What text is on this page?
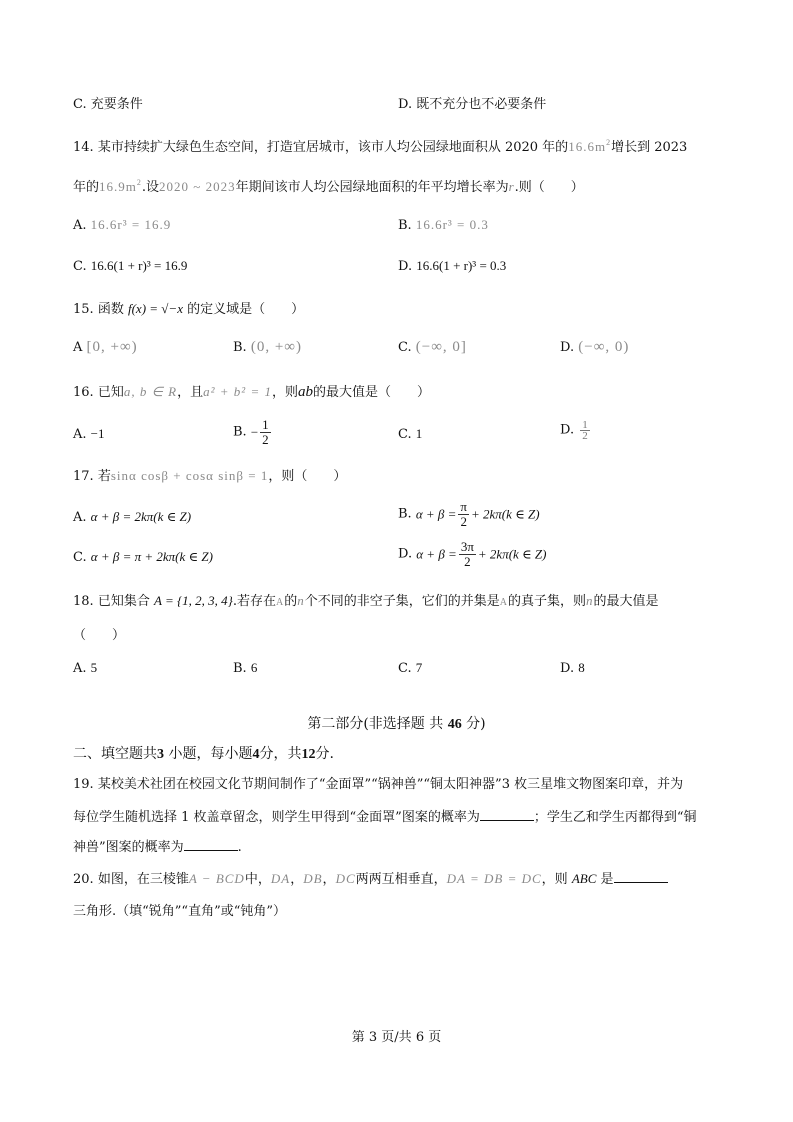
C. 充要条件	D. 既不充分也不必要条件
14. 某市持续扩大绿色生态空间，打造宜居城市，该市人均公园绿地面积从 2020 年的$16.6m^2$增长到 2023
年的$16.9m^2$.设2020 ~ 2023年期间该市人均公园绿地面积的年平均增长率为r.则（　　）
A. 16.6r³ = 16.9	B. 16.6r³ = 0.3
C. 16.6(1 + r)³ = 16.9	D. 16.6(1 + r)³ = 0.3
15. 函数 f(x) = √−x 的定义域是（　　）
A [0, +∞)	B. (0, +∞)	C. (−∞, 0]	D. (−∞, 0)
16. 已知a, b ∈ R，且a² + b² = 1，则ab的最大值是（　　）
A. −1	B. − $\frac{1}{2}$	C. 1	D. $\frac{1}{2}$
17. 若sinα cosβ + cosα sinβ = 1，则（　　）
A. α + β = 2kπ(k ∈ Z)	B. $\alpha + \beta = \frac{\pi}{2} + 2k\pi(k$ ∈ Z)
C. α + β = π + 2kπ(k ∈ Z)	D. $\alpha + \beta = \frac{3\pi}{2} + 2k\pi(k$ ∈ Z)
18. 已知集合 A = {1, 2, 3, 4}.若存在A的n个不同的非空子集，它们的并集是A的真子集，则n的最大值是
（　　）
A. 5	B. 6	C. 7	D. 8
第二部分(非选择题 共 46 分)
二、填空题共3 小题，每小题4分，共12分.
19. 某校美术社团在校园文化节期间制作了“金面罩”“锅神兽”“铜太阳神器”3 枚三星堆文物图案印章，并为
每位学生随机选择 1 枚盖章留念，则学生甲得到“金面罩”图案的概率为	；学生乙和学生丙都得到“铜
神兽”图案的概率为	.
20. 如图，在三棱锥A − BCD中，DA，DB，DC两两互相垂直，DA = DB = DC，则 ABC 是
三角形.（填“锐角”“直角”或“钝角”）
第 3 页/共 6 页
